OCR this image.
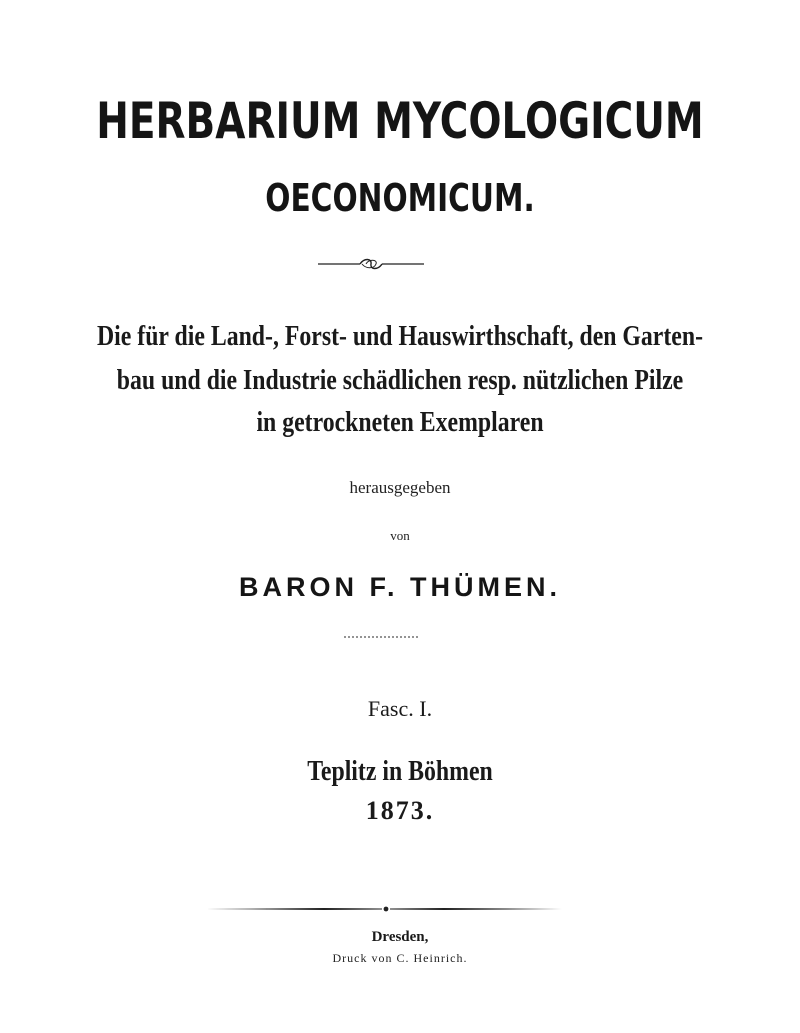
HERBARIUM MYCOLOGICUM
OECONOMICUM.

Die für die Land-, Forst- und Hauswirthschaft, den Garten-

bau und die Industrie schädlichen resp. nützlichen Pilze

in getrockneten Exemplaren

herausgegeben

von

BARON F. THÜMEN.

Fasc. I.

Teplitz in Böhmen

1873.

Dresden,

Druck von C. Heinrich.
